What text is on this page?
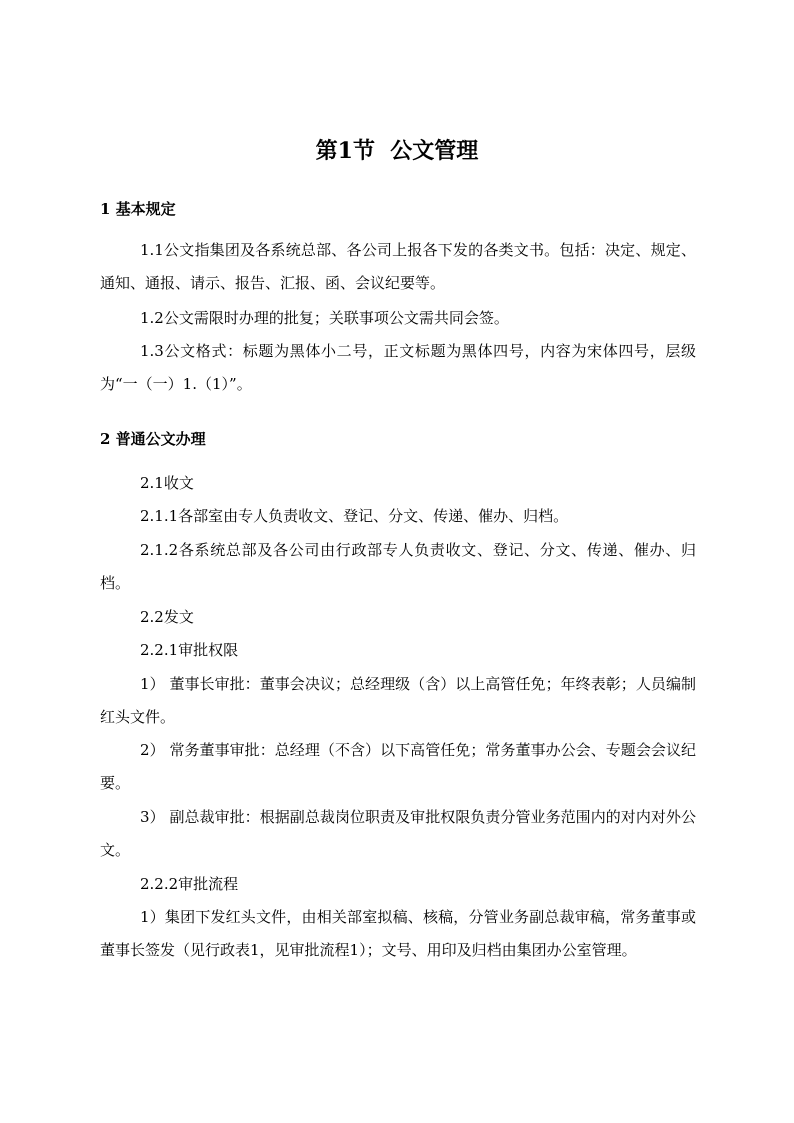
第1节  公文管理
1 基本规定
1.1公文指集团及各系统总部、各公司上报各下发的各类文书。包括：决定、规定、通知、通报、请示、报告、汇报、函、会议纪要等。
1.2公文需限时办理的批复；关联事项公文需共同会签。
1.3公文格式：标题为黑体小二号，正文标题为黑体四号，内容为宋体四号，层级为“一（一）1.（1）”。
2 普通公文办理
2.1收文
2.1.1各部室由专人负责收文、登记、分文、传递、催办、归档。
2.1.2各系统总部及各公司由行政部专人负责收文、登记、分文、传递、催办、归档。
2.2发文
2.2.1审批权限
1） 董事长审批：董事会决议；总经理级（含）以上高管任免；年终表彰；人员编制红头文件。
2） 常务董事审批：总经理（不含）以下高管任免；常务董事办公会、专题会会议纪要。
3） 副总裁审批：根据副总裁岗位职责及审批权限负责分管业务范围内的对内对外公文。
2.2.2审批流程
1）集团下发红头文件，由相关部室拟稿、核稿，分管业务副总裁审稿，常务董事或董事长签发（见行政表1，见审批流程1）；文号、用印及归档由集团办公室管理。
